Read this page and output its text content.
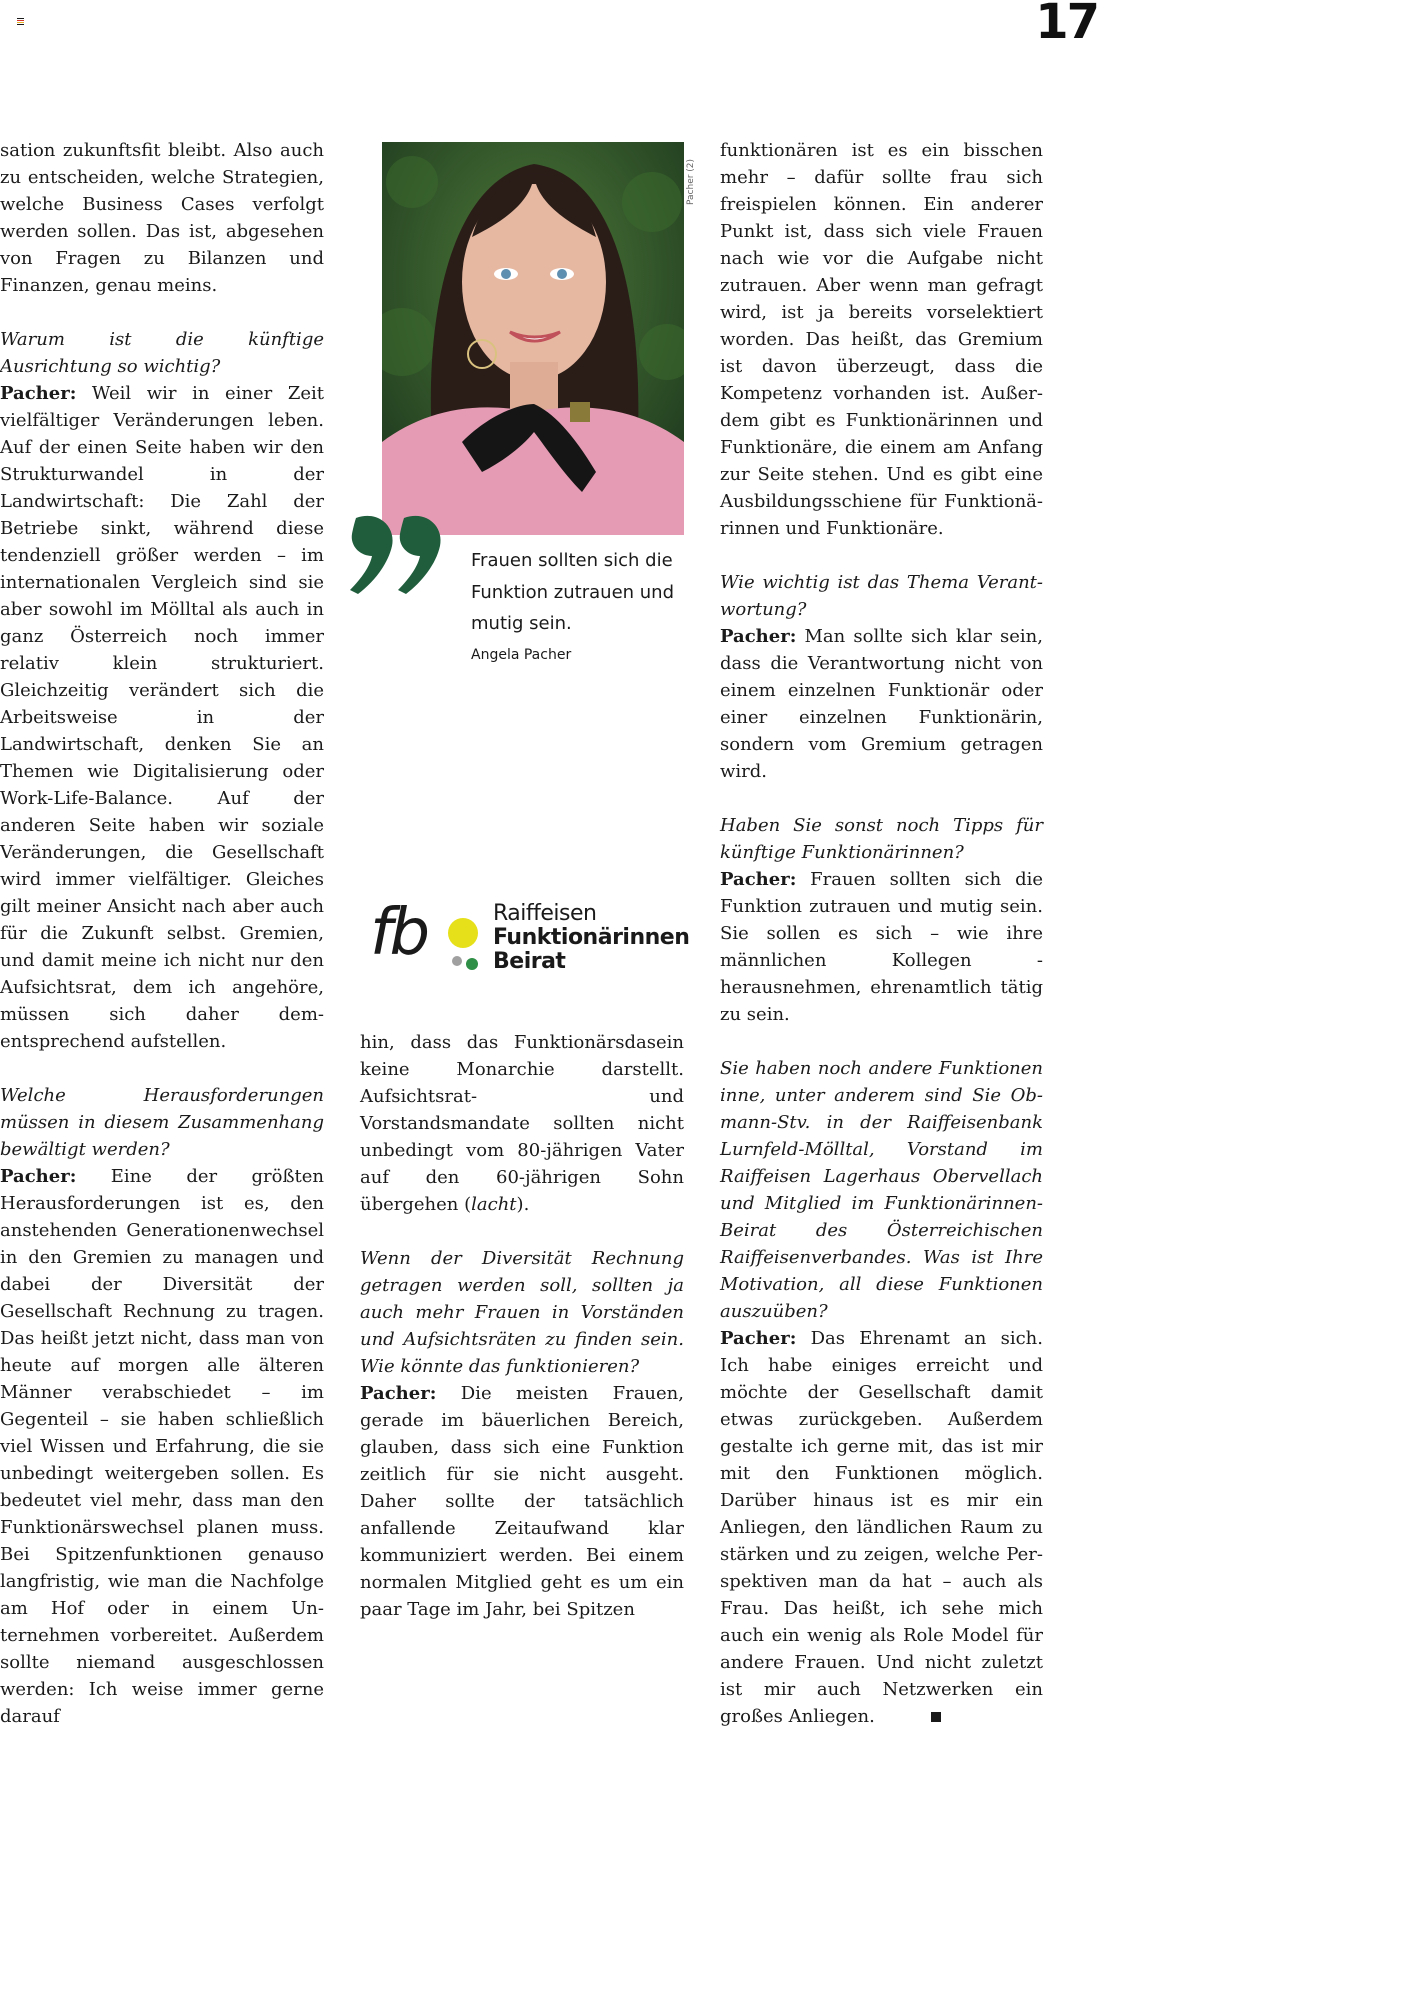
17

sation zukunftsfit bleibt. Also auch zu entscheiden, welche Strategien, welche Business Cases verfolgt werden sollen. Das ist, abgesehen von Fragen zu Bilanzen und Finanzen, genau meins.

Warum ist die künftige Ausrichtung so wichtig?

Pacher: Weil wir in einer Zeit vielfältiger Veränderungen leben. Auf der einen Seite haben wir den Strukturwandel in der Landwirtschaft: Die Zahl der Betriebe sinkt, während diese tendenziell größer werden – im internationalen Vergleich sind sie aber sowohl im Mölltal als auch in ganz Österreich noch immer relativ klein strukturiert. Gleichzeitig verändert sich die Arbeitsweise in der Landwirtschaft, denken Sie an Themen wie Digitalisierung oder Work-Life-Balance. Auf der anderen Seite haben wir soziale Veränderungen, die Gesellschaft wird immer vielfältiger. Gleiches gilt meiner Ansicht nach aber auch für die Zukunft selbst. Gremien, und damit meine ich nicht nur den Aufsichtsrat, dem ich angehöre, müssen sich daher dementsprechend aufstellen.

Welche Herausforderungen müssen in diesem Zusammenhang bewältigt werden?

Pacher: Eine der größten Herausforderungen ist es, den anstehenden Generationenwechsel in den Gremien zu managen und dabei der Diversität der Gesellschaft Rechnung zu tragen. Das heißt jetzt nicht, dass man von heute auf morgen alle älteren Männer verabschiedet – im Gegenteil – sie haben schließlich viel Wissen und Erfahrung, die sie unbedingt weitergeben sollen. Es bedeutet viel mehr, dass man den Funktionärswechsel planen muss. Bei Spitzenfunktionen genauso langfristig, wie man die Nachfolge am Hof oder in einem Unternehmen vorbereitet. Außerdem sollte niemand ausgeschlossen werden: Ich weise immer gerne darauf

Pacher (2)
Frauen sollten sich die Funktion zutrauen und mutig sein.
Angela Pacher
fb	Raiffeisen
Funktionärinnen
Beirat

hin, dass das Funktionärsdasein keine Monarchie darstellt. Aufsichtsrat- und Vorstandsmandate sollten nicht unbedingt vom 80-jährigen Vater auf den 60-jährigen Sohn übergehen (lacht).

Wenn der Diversität Rechnung getragen werden soll, sollten ja auch mehr Frauen in Vorständen und Aufsichtsräten zu finden sein. Wie könnte das funktionieren?

Pacher: Die meisten Frauen, gerade im bäuerlichen Bereich, glauben, dass sich eine Funktion zeitlich für sie nicht ausgeht. Daher sollte der tatsächlich anfallende Zeitaufwand klar kommuniziert werden. Bei einem normalen Mitglied geht es um ein paar Tage im Jahr, bei Spitzen

funktionären ist es ein bisschen mehr – dafür sollte frau sich freispielen können. Ein anderer Punkt ist, dass sich viele Frauen nach wie vor die Aufgabe nicht zutrauen. Aber wenn man gefragt wird, ist ja bereits vorselektiert worden. Das heißt, das Gremium ist davon überzeugt, dass die Kompetenz vorhanden ist. Außerdem gibt es Funktionärinnen und Funktionäre, die einem am Anfang zur Seite stehen. Und es gibt eine Ausbildungsschiene für Funktionärinnen und Funktionäre.

Wie wichtig ist das Thema Verantwortung?

Pacher: Man sollte sich klar sein, dass die Verantwortung nicht von einem einzelnen Funktionär oder einer einzelnen Funktionärin, sondern vom Gremium getragen wird.

Haben Sie sonst noch Tipps für künftige Funktionärinnen?

Pacher: Frauen sollten sich die Funktion zutrauen und mutig sein. Sie sollen es sich – wie ihre männlichen Kollegen - herausnehmen, ehrenamtlich tätig zu sein.

Sie haben noch andere Funktionen inne, unter anderem sind Sie Obmann-Stv. in der Raiffeisenbank Lurnfeld-Mölltal, Vorstand im Raiffeisen Lagerhaus Obervellach und Mitglied im Funktionärinnen-Beirat des Österreichischen Raiffeisenverbandes. Was ist Ihre Motivation, all diese Funktionen auszuüben?

Pacher: Das Ehrenamt an sich. Ich habe einiges erreicht und möchte der Gesellschaft damit etwas zurückgeben. Außerdem gestalte ich gerne mit, das ist mir mit den Funktionen möglich. Darüber hinaus ist es mir ein Anliegen, den ländlichen Raum zu stärken und zu zeigen, welche Perspektiven man da hat – auch als Frau. Das heißt, ich sehe mich auch ein wenig als Role Model für andere Frauen. Und nicht zuletzt ist mir auch Netzwerken ein großes Anliegen.
